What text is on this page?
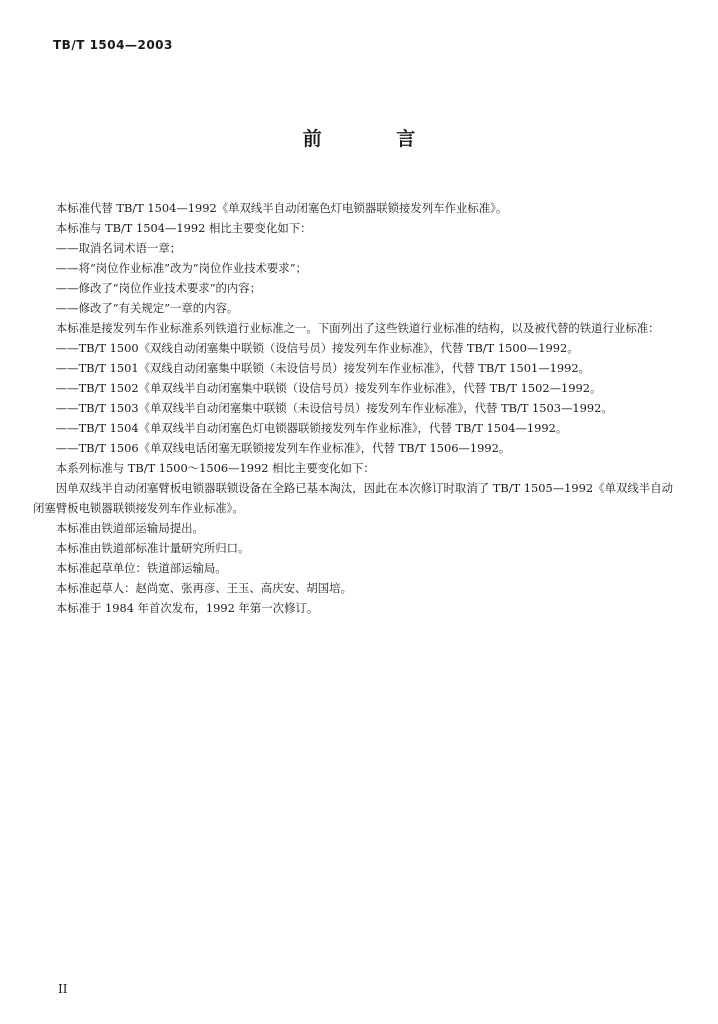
TB/T 1504—2003
前 言

本标准代替 TB/T 1504—1992《单双线半自动闭塞色灯电锁器联锁接发列车作业标准》。

本标准与 TB/T 1504—1992 相比主要变化如下：

——取消名词术语一章；

——将“岗位作业标准”改为“岗位作业技术要求”；

——修改了“岗位作业技术要求”的内容；

——修改了“有关规定”一章的内容。

本标准是接发列车作业标准系列铁道行业标准之一。下面列出了这些铁道行业标准的结构，以及被代替的铁道行业标准：

——TB/T 1500《双线自动闭塞集中联锁（设信号员）接发列车作业标准》，代替 TB/T 1500—1992。

——TB/T 1501《双线自动闭塞集中联锁（未设信号员）接发列车作业标准》，代替 TB/T 1501—1992。

——TB/T 1502《单双线半自动闭塞集中联锁（设信号员）接发列车作业标准》，代替 TB/T 1502—1992。

——TB/T 1503《单双线半自动闭塞集中联锁（未设信号员）接发列车作业标准》，代替 TB/T 1503—1992。

——TB/T 1504《单双线半自动闭塞色灯电锁器联锁接发列车作业标准》，代替 TB/T 1504—1992。

——TB/T 1506《单双线电话闭塞无联锁接发列车作业标准》，代替 TB/T 1506—1992。

本系列标准与 TB/T 1500～1506—1992 相比主要变化如下：

因单双线半自动闭塞臂板电锁器联锁设备在全路已基本淘汰，因此在本次修订时取消了 TB/T 1505—1992《单双线半自动闭塞臂板电锁器联锁接发列车作业标准》。

本标准由铁道部运输局提出。

本标准由铁道部标准计量研究所归口。

本标准起草单位：铁道部运输局。

本标准起草人：赵尚宽、张再彦、王玉、高庆安、胡国培。

本标准于 1984 年首次发布，1992 年第一次修订。

II
